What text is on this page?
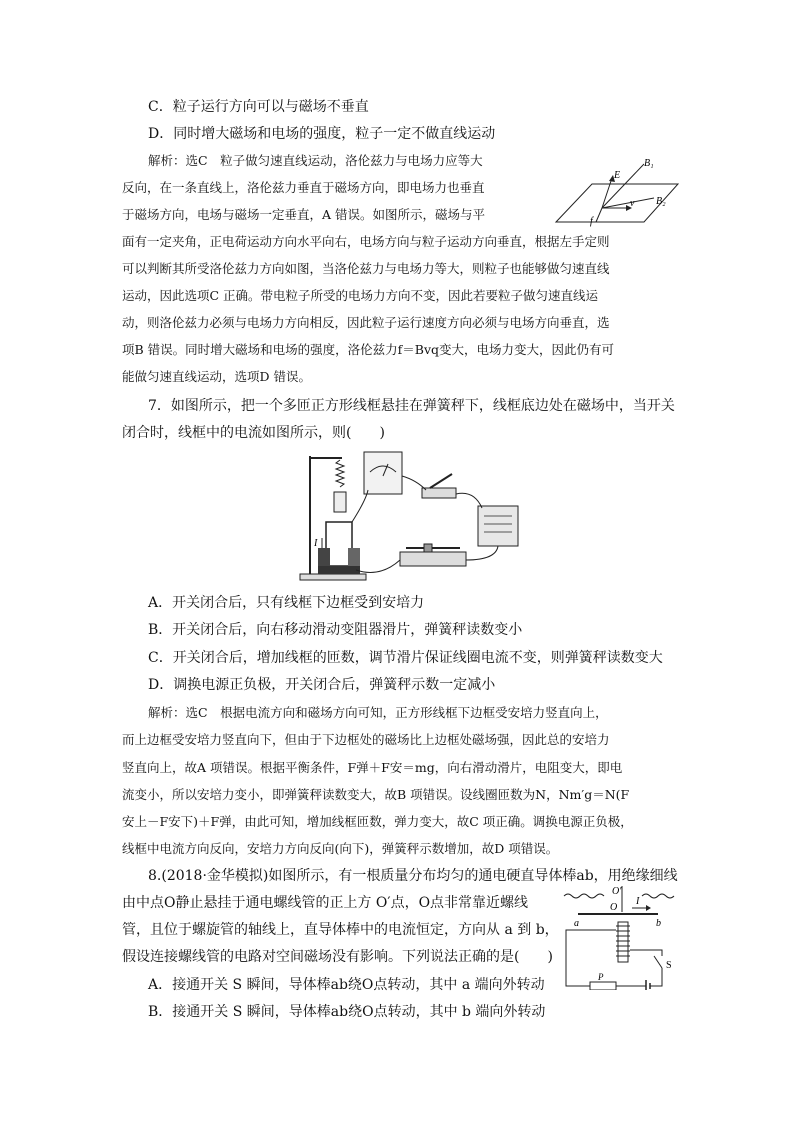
C．粒子运行方向可以与磁场不垂直
D．同时增大磁场和电场的强度，粒子一定不做直线运动
解析：选C　粒子做匀速直线运动，洛伦兹力与电场力应等大
反向，在一条直线上，洛伦兹力垂直于磁场方向，即电场力也垂直
于磁场方向，电场与磁场一定垂直，A 错误。如图所示，磁场与平
面有一定夹角，正电荷运动方向水平向右，电场方向与粒子运动方向垂直，根据左手定则
可以判断其所受洛伦兹力方向如图，当洛伦兹力与电场力等大，则粒子也能够做匀速直线
运动，因此选项C 正确。带电粒子所受的电场力方向不变，因此若要粒子做匀速直线运
动，则洛伦兹力必须与电场力方向相反，因此粒子运行速度方向必须与电场方向垂直，选
项B 错误。同时增大磁场和电场的强度，洛伦兹力f＝Bvq变大，电场力变大，因此仍有可
能做匀速直线运动，选项D 错误。
B₁
B₂
E
f
v
7．如图所示，把一个多匝正方形线框悬挂在弹簧秤下，线框底边处在磁场中，当开关
闭合时，线框中的电流如图所示，则(　　)
I
A．开关闭合后，只有线框下边框受到安培力
B．开关闭合后，向右移动滑动变阻器滑片，弹簧秤读数变小
C．开关闭合后，增加线框的匝数，调节滑片保证线圈电流不变，则弹簧秤读数变大
D．调换电源正负极，开关闭合后，弹簧秤示数一定减小
解析：选C　根据电流方向和磁场方向可知，正方形线框下边框受安培力竖直向上，
而上边框受安培力竖直向下，但由于下边框处的磁场比上边框处磁场强，因此总的安培力
竖直向上，故A 项错误。根据平衡条件，F弹＋F安＝mg，向右滑动滑片，电阻变大，即电
流变小，所以安培力变小，即弹簧秤读数变大，故B 项错误。设线圈匝数为N，Nm′g＝N(F
安上－F安下)＋F弹，由此可知，增加线框匝数，弹力变大，故C 项正确。调换电源正负极，
线框中电流方向反向，安培力方向反向(向下)，弹簧秤示数增加，故D 项错误。
8.(2018·金华模拟)如图所示，有一根质量分布均匀的通电硬直导体棒ab，用绝缘细线
由中点O静止悬挂于通电螺线管的正上方 O′点，O点非常靠近螺线
管，且位于螺旋管的轴线上，直导体棒中的电流恒定，方向从 a 到 b，
假设连接螺线管的电路对空间磁场没有影响。下列说法正确的是(　　)
O′
O
I
a	b
P
S
A．接通开关 S 瞬间，导体棒ab绕O点转动，其中 a 端向外转动
B．接通开关 S 瞬间，导体棒ab绕O点转动，其中 b 端向外转动
